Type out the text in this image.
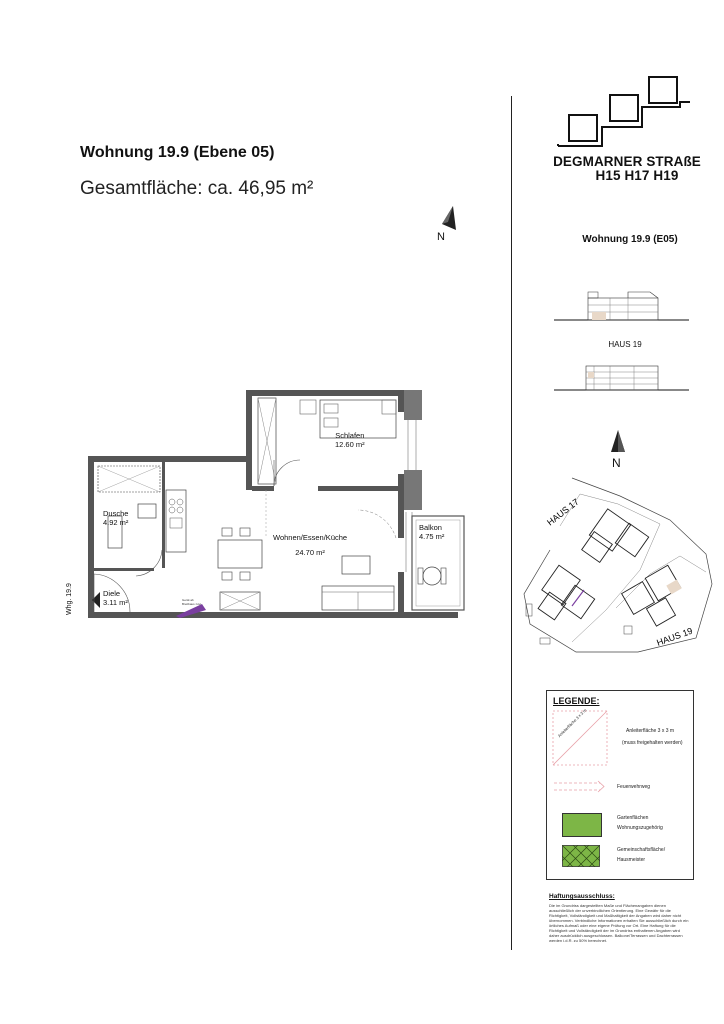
Wohnung 19.9 (Ebene 05)
Gesamtfläche: ca. 46,95 m²
N
DEGMARNER STRAßE
H15 H17 H19
Wohnung 19.9 (E05)
HAUS 19
N
HAUS 17
HAUS 19
Schlafen
12.60 m²
Dusche
4.92 m²
Wohnen/Essen/Küche
24.70 m²
Balkon
4.75 m²
Diele
3.11 m²
Whg. 19.9	Gerät ab
Breitbaus zuvt
LEGENDE:
Anleiterfläche 3 x 3 m	Anleiterfläche 3 x 3 m
(muss freigehalten werden)
Feuerwehrweg
Gartenflächen
Wohnungszugehörig
Gemeinschaftsfläche/
Hausmeister
Haftungsausschluss:
Die im Grundriss dargestellten Maße und Flächenangaben dienen ausschließlich der unverbindlichen Orientierung. Eine Gewähr für die Richtigkeit, Vollständigkeit und Maßhaltigkeit der Angaben wird daher nicht übernommen. Verbindliche Informationen erhalten Sie ausschließlich durch ein örtliches Aufmaß oder eine eigene Prüfung vor Ort. Eine Haftung für die Richtigkeit und Vollständigkeit der im Grundriss enthaltenen Angaben wird daher ausdrücklich ausgeschlossen. Balkone/Terrassen und Dachterrassen werden i.d.R. zu 50% berechnet.
